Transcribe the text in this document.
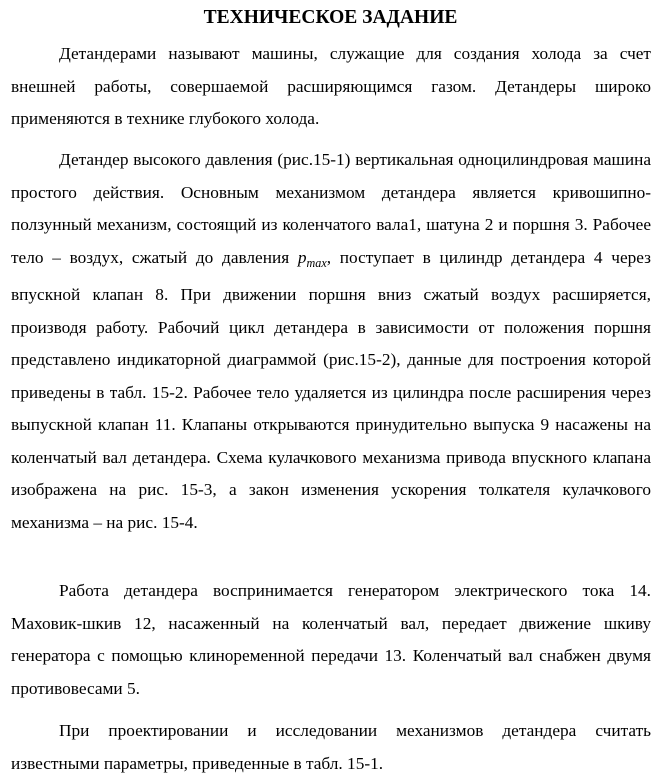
ТЕХНИЧЕСКОЕ ЗАДАНИЕ

Детандерами называют машины, служащие для создания холода за счет внешней работы, совершаемой расширяющимся газом. Детандеры широко применяются в технике глубокого холода.

Детандер высокого давления (рис.15-1) вертикальная одноцилиндровая машина простого действия. Основным механизмом детандера является кривошипно-ползунный механизм, состоящий из коленчатого вала1, шатуна 2 и поршня 3. Рабочее тело – воздух, сжатый до давления $p_{max}$, поступает в цилиндр детандера 4 через впускной клапан 8. При движении поршня вниз сжатый воздух расширяется, производя работу. Рабочий цикл детандера в зависимости от положения поршня представлено индикаторной диаграммой (рис.15-2), данные для построения которой приведены в табл. 15-2. Рабочее тело удаляется из цилиндра после расширения через выпускной клапан 11. Клапаны открываются принудительно выпуска 9 насажены на коленчатый вал детандера. Схема кулачкового механизма привода впускного клапана изображена на рис. 15-3, а закон изменения ускорения толкателя кулачкового механизма – на рис. 15-4.

Работа детандера воспринимается генератором электрического тока 14. Маховик-шкив 12, насаженный на коленчатый вал, передает движение шкиву генератора с помощью клиноременной передачи 13. Коленчатый вал снабжен двумя противовесами 5.

При проектировании и исследовании механизмов детандера считать известными параметры, приведенные в табл. 15-1.
